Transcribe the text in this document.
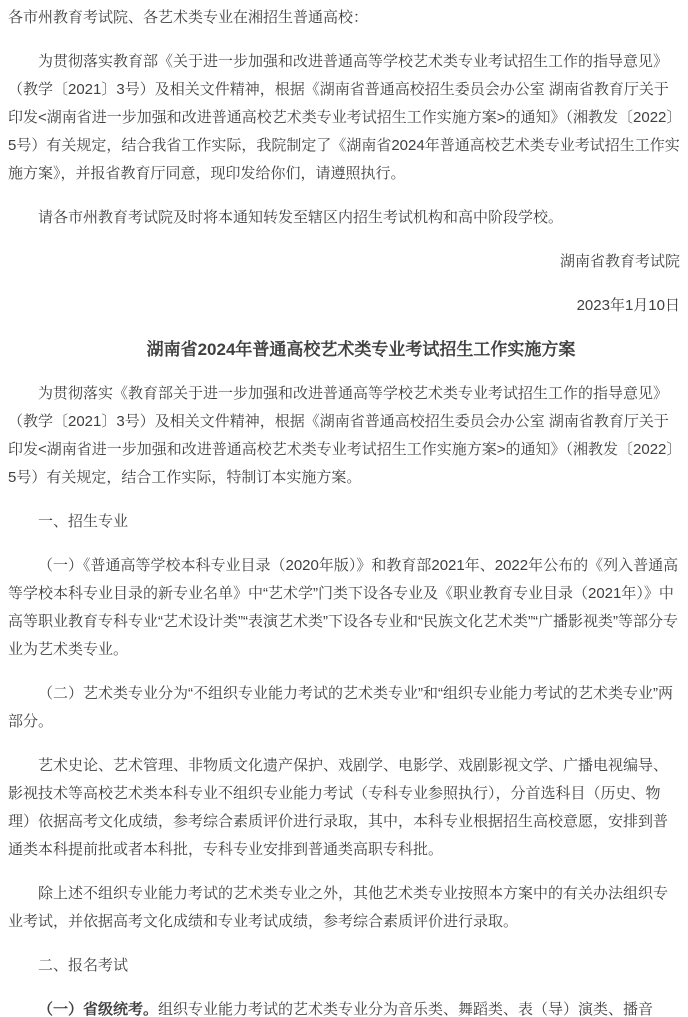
各市州教育考试院、各艺术类专业在湘招生普通高校：

为贯彻落实教育部《关于进一步加强和改进普通高等学校艺术类专业考试招生工作的指导意见》（教学〔2021〕3号）及相关文件精神，根据《湖南省普通高校招生委员会办公室 湖南省教育厅关于印发<湖南省进一步加强和改进普通高校艺术类专业考试招生工作实施方案>的通知》（湘教发〔2022〕5号）有关规定，结合我省工作实际，我院制定了《湖南省2024年普通高校艺术类专业考试招生工作实施方案》，并报省教育厅同意，现印发给你们，请遵照执行。

请各市州教育考试院及时将本通知转发至辖区内招生考试机构和高中阶段学校。

湖南省教育考试院

2023年1月10日

湖南省2024年普通高校艺术类专业考试招生工作实施方案

为贯彻落实《教育部关于进一步加强和改进普通高等学校艺术类专业考试招生工作的指导意见》（教学〔2021〕3号）及相关文件精神，根据《湖南省普通高校招生委员会办公室 湖南省教育厅关于印发<湖南省进一步加强和改进普通高校艺术类专业考试招生工作实施方案>的通知》（湘教发〔2022〕5号）有关规定，结合工作实际，特制订本实施方案。

一、招生专业

（一）《普通高等学校本科专业目录（2020年版）》和教育部2021年、2022年公布的《列入普通高等学校本科专业目录的新专业名单》中“艺术学”门类下设各专业及《职业教育专业目录（2021年）》中高等职业教育专科专业“艺术设计类”“表演艺术类”下设各专业和“民族文化艺术类”“广播影视类”等部分专业为艺术类专业。

（二）艺术类专业分为“不组织专业能力考试的艺术类专业”和“组织专业能力考试的艺术类专业”两部分。

艺术史论、艺术管理、非物质文化遗产保护、戏剧学、电影学、戏剧影视文学、广播电视编导、影视技术等高校艺术类本科专业不组织专业能力考试（专科专业参照执行），分首选科目（历史、物理）依据高考文化成绩，参考综合素质评价进行录取，其中，本科专业根据招生高校意愿，安排到普通类本科提前批或者本科批，专科专业安排到普通类高职专科批。

除上述不组织专业能力考试的艺术类专业之外，其他艺术类专业按照本方案中的有关办法组织专业考试，并依据高考文化成绩和专业考试成绩，参考综合素质评价进行录取。

二、报名考试

（一）省级统考。组织专业能力考试的艺术类专业分为音乐类、舞蹈类、表（导）演类、播音
